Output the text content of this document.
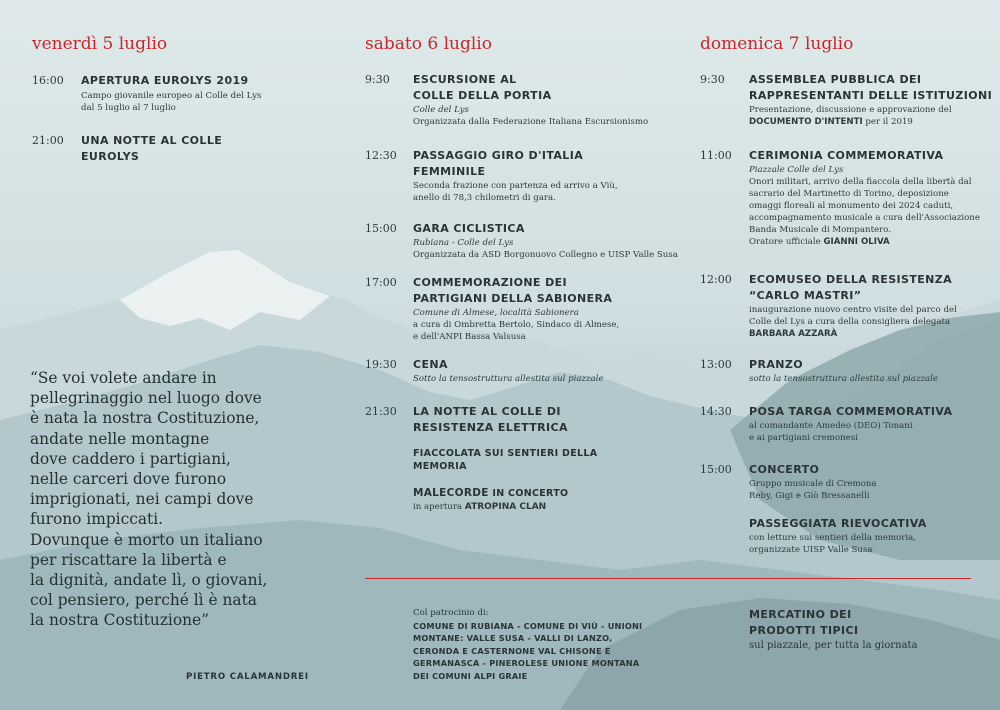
venerdì 5 luglio	sabato 6 luglio	domenica 7 luglio
16:00 APERTURA EUROLYS 2019
Campo giovanile europeo al Colle del Lys
dal 5 luglio al 7 luglio
21:00 UNA NOTTE AL COLLE
EUROLYS
9:30 ESCURSIONE AL
COLLE DELLA PORTIA
Colle del Lys
Organizzata dalla Federazione Italiana Escursionismo
12:30 PASSAGGIO GIRO D'ITALIA
FEMMINILE
Seconda frazione con partenza ed arrivo a Viù,
anello di 78,3 chilometri di gara.
15:00 GARA CICLISTICA
Rubiana - Colle del Lys
Organizzata da ASD Borgonuovo Collegno e UISP Valle Susa
17:00 COMMEMORAZIONE DEI
PARTIGIANI DELLA SABIONERA
Comune di Almese, località Sabionera
a cura di Ombretta Bertolo, Sindaco di Almese,
e dell'ANPI Bassa Valsusa
19:30 CENA
Sotto la tensostruttura allestita sul piazzale
21:30 LA NOTTE AL COLLE DI
RESISTENZA ELETTRICA
FIACCOLATA SUI SENTIERI DELLA
MEMORIA
MALECORDE IN CONCERTO
in apertura ATROPINA CLAN
9:30 ASSEMBLEA PUBBLICA DEI
RAPPRESENTANTI DELLE ISTITUZIONI
Presentazione, discussione e approvazione del
DOCUMENTO D'INTENTI per il 2019
11:00 CERIMONIA COMMEMORATIVA
Piazzale Colle del Lys
Onori militari, arrivo della fiaccola della libertà dal
sacrario del Martinetto di Torino, deposizione
omaggi floreali al monumento dei 2024 caduti,
accompagnamento musicale a cura dell'Associazione
Banda Musicale di Mompantero.
Oratore ufficiale GIANNI OLIVA
12:00 ECOMUSEO DELLA RESISTENZA
“CARLO MASTRI”
inaugurazione nuovo centro visite del parco del
Colle del Lys a cura della consigliera delegata
BARBARA AZZARÀ
13:00 PRANZO
sotto la tensostruttura allestita sul piazzale
14:30 POSA TARGA COMMEMORATIVA
al comandante Amedeo (DEO) Tonani
e ai partigiani cremonesi
15:00 CONCERTO
Gruppo musicale di Cremona
Reby, Gigi e Giò Bressanelli
PASSEGGIATA RIEVOCATIVA
con letture sui sentieri della memoria,
organizzate UISP Valle Susa
“Se voi volete andare in
pellegrinaggio nel luogo dove
è nata la nostra Costituzione,
andate nelle montagne
dove caddero i partigiani,
nelle carceri dove furono
imprigionati, nei campi dove
furono impiccati.
Dovunque è morto un italiano
per riscattare la libertà e
la dignità, andate lì, o giovani,
col pensiero, perché lì è nata
la nostra Costituzione”
PIETRO CALAMANDREI
Col patrocinio di:
COMUNE DI RUBIANA - COMUNE DI VIÙ - UNIONI
MONTANE: VALLE SUSA - VALLI DI LANZO,
CERONDA E CASTERNONE VAL CHISONE E
GERMANASCA - PINEROLESE UNIONE MONTANA
DEI COMUNI ALPI GRAIE
MERCATINO DEI
PRODOTTI TIPICI
sul piazzale, per tutta la giornata
